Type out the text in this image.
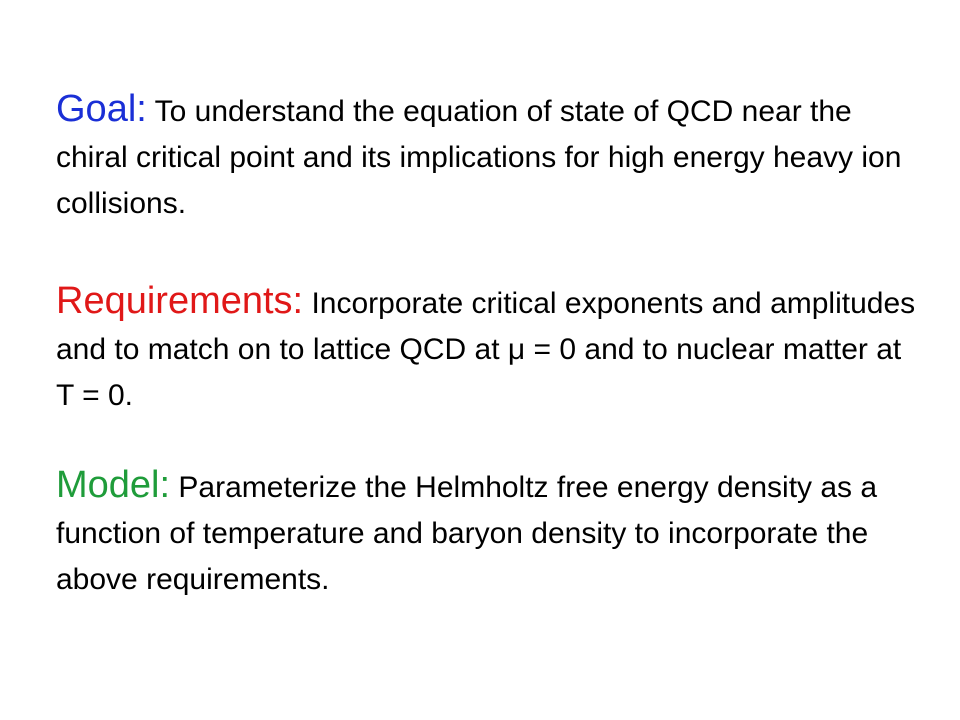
Goal: To understand the equation of state of QCD near the chiral critical point and its implications for high energy heavy ion collisions.

Requirements: Incorporate critical exponents and amplitudes and to match on to lattice QCD at μ = 0 and to nuclear matter at T = 0.

Model: Parameterize the Helmholtz free energy density as a function of temperature and baryon density to incorporate the above requirements.
